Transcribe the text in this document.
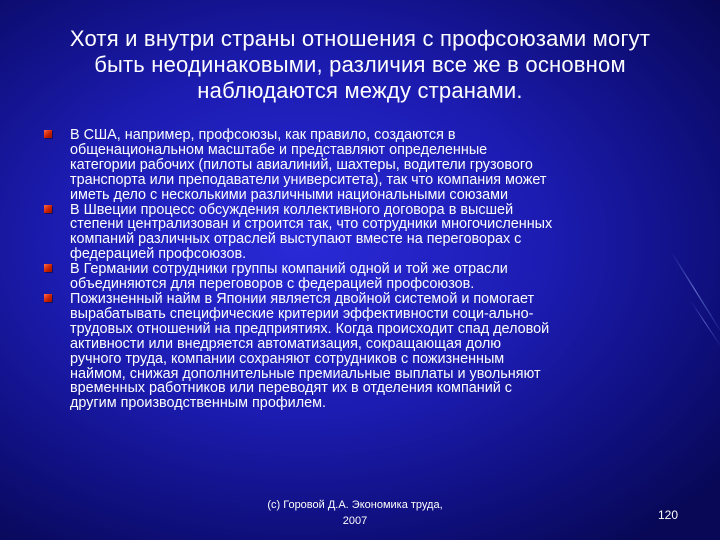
Хотя и внутри страны отношения с профсоюзами могут
быть неодинаковыми, различия все же в основном
наблюдаются между странами.
В США, например, профсоюзы, как правило, создаются в
общенациональном масштабе и представляют определенные
категории рабочих (пилоты авиалиний, шахтеры, водители грузового
транспорта или преподаватели университета), так что компания может
иметь дело с несколькими различными национальными союзами
В Швеции процесс обсуждения коллективного договора в высшей
степени централизован и строится так, что сотрудники многочисленных
компаний различных отраслей выступают вместе на переговорах с
федерацией профсоюзов.
В Германии сотрудники группы компаний одной и той же отрасли
объединяются для переговоров с федерацией профсоюзов.
Пожизненный найм в Японии является двойной системой и помогает
вырабатывать специфические критерии эффективности соци-ально-
трудовых отношений на предприятиях. Когда происходит спад деловой
активности или внедряется автоматизация, сокращающая долю
ручного труда, компании сохраняют сотрудников с пожизненным
наймом, снижая дополнительные премиальные выплаты и увольняют
временных работников или переводят их в отделения компаний с
другим производственным профилем.
(с) Горовой Д.А. Экономика труда,
2007	120
